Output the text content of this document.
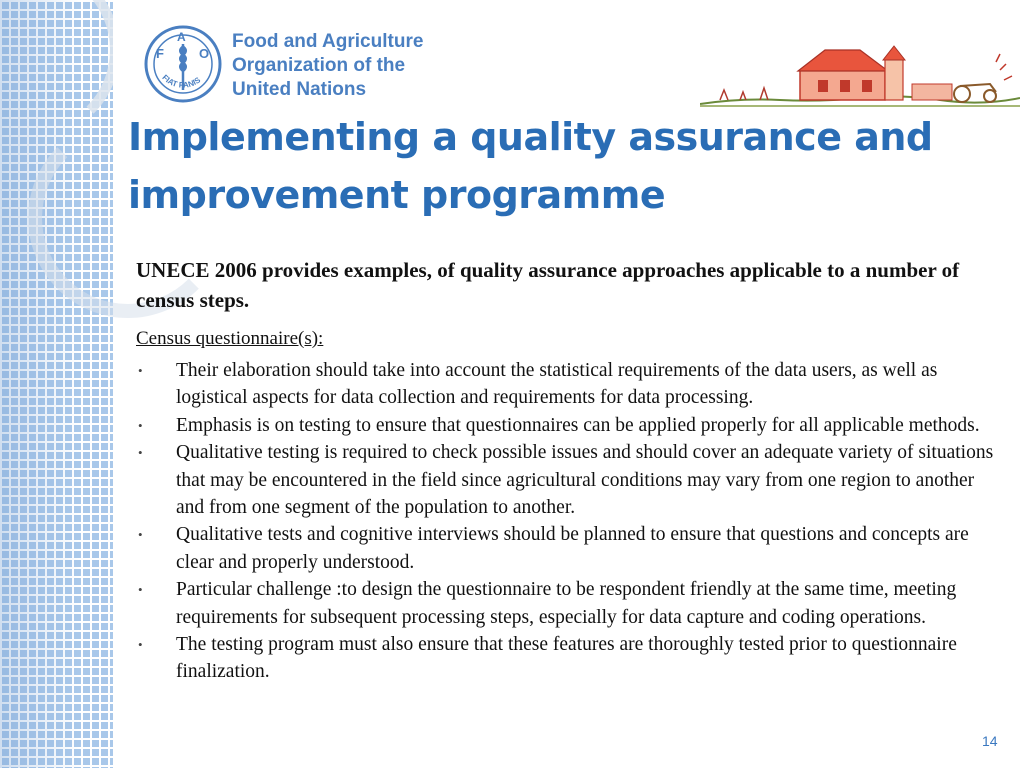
F
A
O
FIAT PANIS
Food and Agriculture
Organization of the
United Nations
Implementing a quality assurance and improvement programme
UNECE 2006 provides examples, of quality assurance approaches applicable to a number of census steps.
Census questionnaire(s):
• Their elaboration should take into account the statistical requirements of the data users, as well as logistical aspects for data collection and requirements for data processing.
• Emphasis is on testing to ensure that questionnaires can be applied properly for all applicable methods.
• Qualitative testing is required to check possible issues and should cover an adequate variety of situations that may be encountered in the field since agricultural conditions may vary from one region to another and from one segment of the population to another.
• Qualitative tests and cognitive interviews should be planned to ensure that questions and concepts are clear and properly understood.
• Particular challenge :to design the questionnaire to be respondent friendly at the same time, meeting requirements for subsequent processing steps, especially for data capture and coding operations.
• The testing program must also ensure that these features are thoroughly tested prior to questionnaire finalization.
14
